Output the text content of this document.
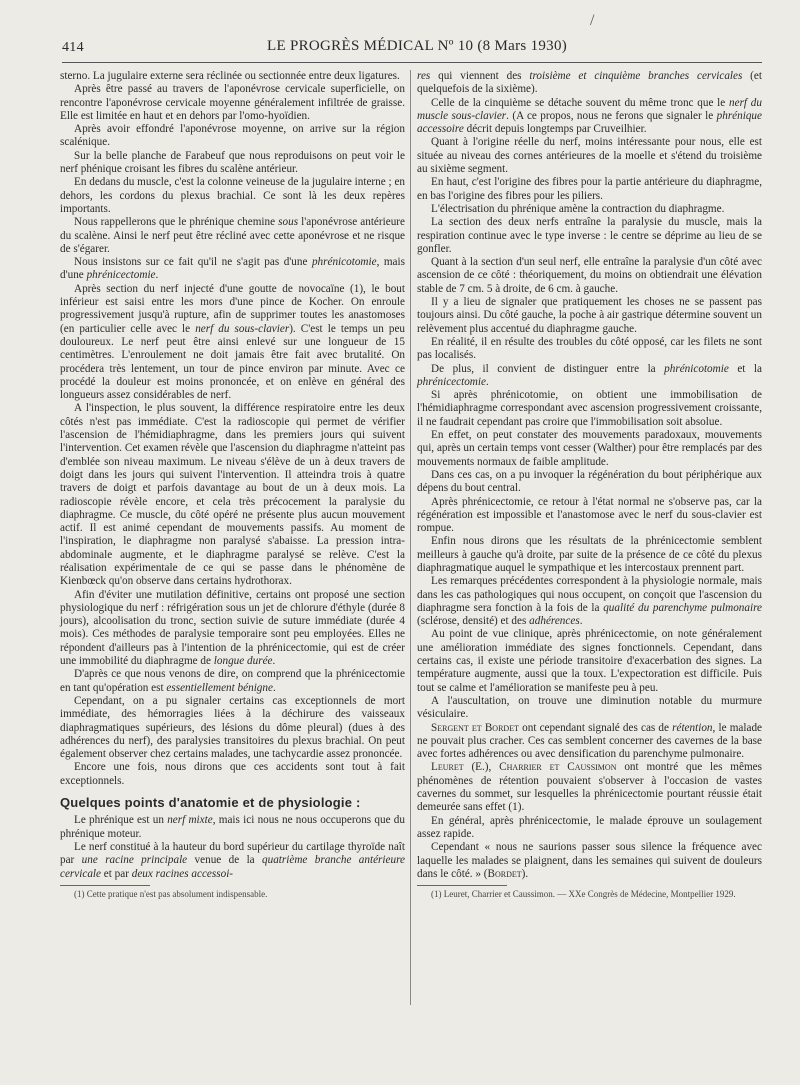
/
414	LE PROGRÈS MÉDICAL Nº 10 (8 Mars 1930)

sterno. La jugulaire externe sera réclinée ou sectionnée entre deux ligatures.

Après être passé au travers de l'aponévrose cervicale superficielle, on rencontre l'aponévrose cervicale moyenne généralement infiltrée de graisse. Elle est limitée en haut et en dehors par l'omo-hyoïdien.

Après avoir effondré l'aponévrose moyenne, on arrive sur la région scalénique.

Sur la belle planche de Farabeuf que nous reproduisons on peut voir le nerf phénique croisant les fibres du scalène antérieur.

En dedans du muscle, c'est la colonne veineuse de la jugulaire interne ; en dehors, les cordons du plexus brachial. Ce sont là les deux repères importants.

Nous rappellerons que le phrénique chemine sous l'aponévrose antérieure du scalène. Ainsi le nerf peut être récliné avec cette aponévrose et ne risque de s'égarer.

Nous insistons sur ce fait qu'il ne s'agit pas d'une phrénicotomie, mais d'une phrénicectomie.

Après section du nerf injecté d'une goutte de novocaïne (1), le bout inférieur est saisi entre les mors d'une pince de Kocher. On enroule progressivement jusqu'à rupture, afin de supprimer toutes les anastomoses (en particulier celle avec le nerf du sous-clavier). C'est le temps un peu douloureux. Le nerf peut être ainsi enlevé sur une longueur de 15 centimètres. L'enroulement ne doit jamais être fait avec brutalité. On procédera très lentement, un tour de pince environ par minute. Avec ce procédé la douleur est moins prononcée, et on enlève en général des longueurs assez considérables de nerf.

A l'inspection, le plus souvent, la différence respiratoire entre les deux côtés n'est pas immédiate. C'est la radioscopie qui permet de vérifier l'ascension de l'hémidiaphragme, dans les premiers jours qui suivent l'intervention. Cet examen révèle que l'ascension du diaphragme n'atteint pas d'emblée son niveau maximum. Le niveau s'élève de un à deux travers de doigt dans les jours qui suivent l'intervention. Il atteindra trois à quatre travers de doigt et parfois davantage au bout de un à deux mois. La radioscopie révèle encore, et cela très précocement la paralysie du diaphragme. Ce muscle, du côté opéré ne présente plus aucun mouvement actif. Il est animé cependant de mouvements passifs. Au moment de l'inspiration, le diaphragme non paralysé s'abaisse. La pression intra-abdominale augmente, et le diaphragme paralysé se relève. C'est la réalisation expérimentale de ce qui se passe dans le phénomène de Kienbœck qu'on observe dans certains hydrothorax.

Afin d'éviter une mutilation définitive, certains ont proposé une section physiologique du nerf : réfrigération sous un jet de chlorure d'éthyle (durée 8 jours), alcoolisation du tronc, section suivie de suture immédiate (durée 4 mois). Ces méthodes de paralysie temporaire sont peu employées. Elles ne répondent d'ailleurs pas à l'intention de la phrénicectomie, qui est de créer une immobilité du diaphragme de longue durée.

D'après ce que nous venons de dire, on comprend que la phrénicectomie en tant qu'opération est essentiellement bénigne.

Cependant, on a pu signaler certains cas exceptionnels de mort immédiate, des hémorragies liées à la déchirure des vaisseaux diaphragmatiques supérieurs, des lésions du dôme pleural) (dues à des adhérences du nerf), des paralysies transitoires du plexus brachial. On peut également observer chez certains malades, une tachycardie assez prononcée.

Encore une fois, nous dirons que ces accidents sont tout à fait exceptionnels.

Quelques points d'anatomie et de physiologie :

Le phrénique est un nerf mixte, mais ici nous ne nous occuperons que du phrénique moteur.

Le nerf constitué à la hauteur du bord supérieur du cartilage thyroïde naît par une racine principale venue de la quatrième branche antérieure cervicale et par deux racines accessoi-

(1) Cette pratique n'est pas absolument indispensable.

res qui viennent des troisième et cinquième branches cervicales (et quelquefois de la sixième).

Celle de la cinquième se détache souvent du même tronc que le nerf du muscle sous-clavier. (A ce propos, nous ne ferons que signaler le phrénique accessoire décrit depuis longtemps par Cruveilhier.

Quant à l'origine réelle du nerf, moins intéressante pour nous, elle est située au niveau des cornes antérieures de la moelle et s'étend du troisième au sixième segment.

En haut, c'est l'origine des fibres pour la partie antérieure du diaphragme, en bas l'origine des fibres pour les piliers.

L'électrisation du phrénique amène la contraction du diaphragme.

La section des deux nerfs entraîne la paralysie du muscle, mais la respiration continue avec le type inverse : le centre se déprime au lieu de se gonfler.

Quant à la section d'un seul nerf, elle entraîne la paralysie d'un côté avec ascension de ce côté : théoriquement, du moins on obtiendrait une élévation stable de 7 cm. 5 à droite, de 6 cm. à gauche.

Il y a lieu de signaler que pratiquement les choses ne se passent pas toujours ainsi. Du côté gauche, la poche à air gastrique détermine souvent un relèvement plus accentué du diaphragme gauche.

En réalité, il en résulte des troubles du côté opposé, car les filets ne sont pas localisés.

De plus, il convient de distinguer entre la phrénicotomie et la phrénicectomie.

Si après phrénicotomie, on obtient une immobilisation de l'hémidiaphragme correspondant avec ascension progressivement croissante, il ne faudrait cependant pas croire que l'immobilisation soit absolue.

En effet, on peut constater des mouvements paradoxaux, mouvements qui, après un certain temps vont cesser (Walther) pour être remplacés par des mouvements normaux de faible amplitude.

Dans ces cas, on a pu invoquer la régénération du bout périphérique aux dépens du bout central.

Après phrénicectomie, ce retour à l'état normal ne s'observe pas, car la régénération est impossible et l'anastomose avec le nerf du sous-clavier est rompue.

Enfin nous dirons que les résultats de la phrénicectomie semblent meilleurs à gauche qu'à droite, par suite de la présence de ce côté du plexus diaphragmatique auquel le sympathique et les intercostaux prennent part.

Les remarques précédentes correspondent à la physiologie normale, mais dans les cas pathologiques qui nous occupent, on conçoit que l'ascension du diaphragme sera fonction à la fois de la qualité du parenchyme pulmonaire (sclérose, densité) et des adhérences.

Au point de vue clinique, après phrénicectomie, on note généralement une amélioration immédiate des signes fonctionnels. Cependant, dans certains cas, il existe une période transitoire d'exacerbation des signes. La température augmente, aussi que la toux. L'expectoration est difficile. Puis tout se calme et l'amélioration se manifeste peu à peu.

A l'auscultation, on trouve une diminution notable du murmure vésiculaire.

Sergent et Bordet ont cependant signalé des cas de rétention, le malade ne pouvait plus cracher. Ces cas semblent concerner des cavernes de la base avec fortes adhérences ou avec densification du parenchyme pulmonaire.

Leuret (E.), Charrier et Caussimon ont montré que les mêmes phénomènes de rétention pouvaient s'observer à l'occasion de vastes cavernes du sommet, sur lesquelles la phrénicectomie pourtant réussie était demeurée sans effet (1).

En général, après phrénicectomie, le malade éprouve un soulagement assez rapide.

Cependant « nous ne saurions passer sous silence la fréquence avec laquelle les malades se plaignent, dans les semaines qui suivent de douleurs dans le côté. » (Bordet).

(1) Leuret, Charrier et Caussimon. — XXe Congrès de Médecine, Montpellier 1929.
